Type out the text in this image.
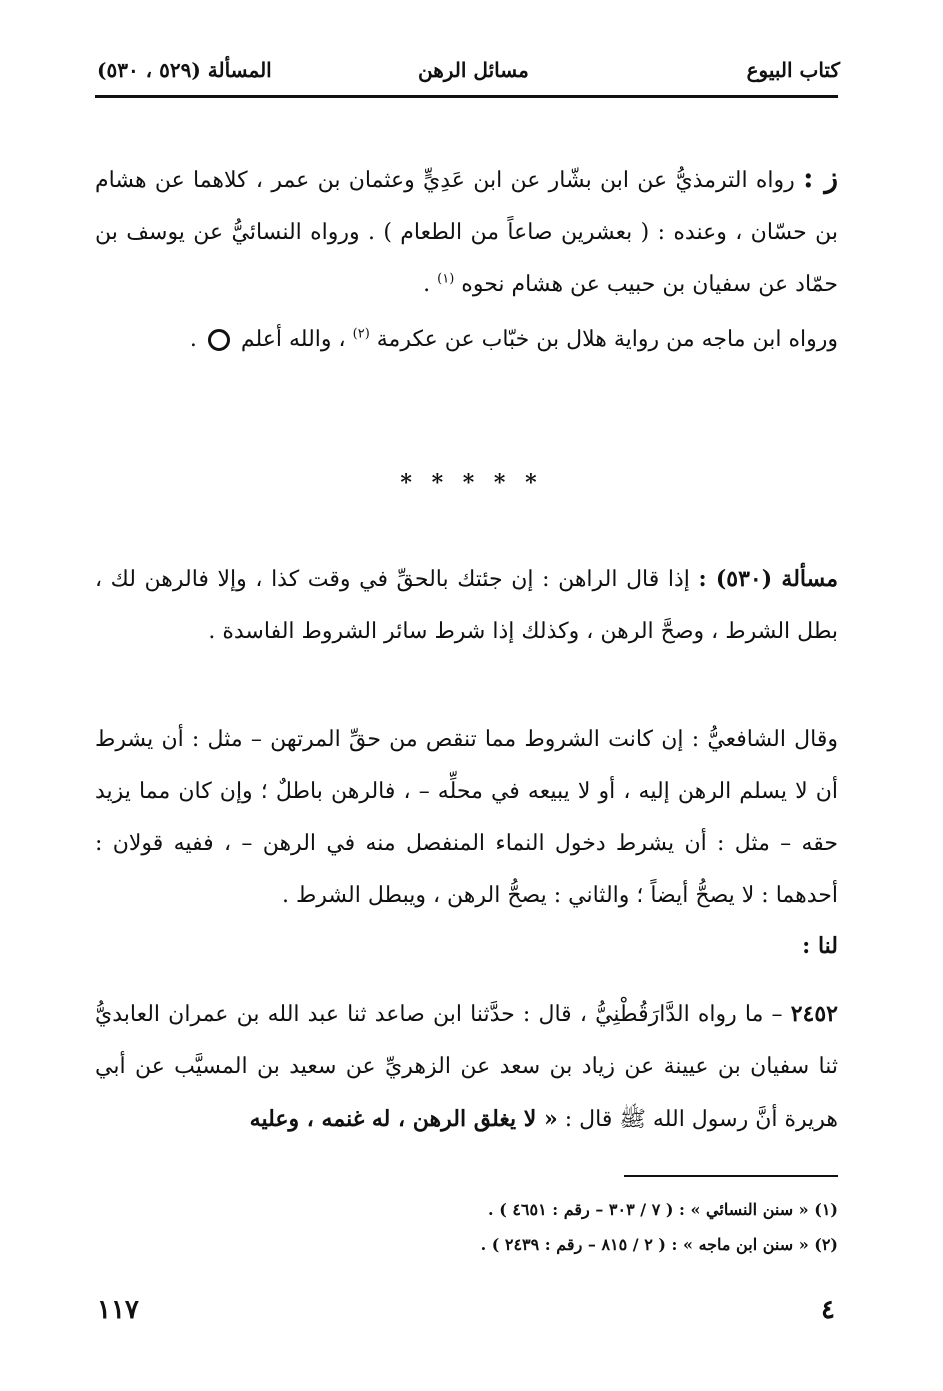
المسألة (٥٢٩ ، ٥٣٠)	مسائل الرهن	كتاب البيوع
ز : رواه الترمذيُّ عن ابن بشّار عن ابن عَدِيٍّ وعثمان بن عمر ، كلاهما عن هشام بن حسّان ، وعنده : ( بعشرين صاعاً من الطعام ) . ورواه النسائيُّ عن يوسف بن حمّاد عن سفيان بن حبيب عن هشام نحوه $^{(١)}$ .
ورواه ابن ماجه من رواية هلال بن خبّاب عن عكرمة $^{(٢)}$ ، والله أعلم  .
* * * * *
مسألة (٥٣٠) : إذا قال الراهن : إن جئتك بالحقِّ في وقت كذا ، وإلا فالرهن لك ، بطل الشرط ، وصحَّ الرهن ، وكذلك إذا شرط سائر الشروط الفاسدة .
وقال الشافعيُّ : إن كانت الشروط مما تنقص من حقِّ المرتهن – مثل : أن يشرط أن لا يسلم الرهن إليه ، أو لا يبيعه في محلِّه – ، فالرهن باطلٌ ؛ وإن كان مما يزيد حقه – مثل : أن يشرط دخول النماء المنفصل منه في الرهن – ، ففيه قولان : أحدهما : لا يصحُّ أيضاً ؛ والثاني : يصحُّ الرهن ، ويبطل الشرط .
لنا :
٢٤٥٢ – ما رواه الدَّارَقُطْنِيُّ ، قال : حدَّثنا ابن صاعد ثنا عبد الله بن عمران العابديُّ ثنا سفيان بن عيينة عن زياد بن سعد عن الزهريِّ عن سعيد بن المسيَّب عن أبي هريرة أنَّ رسول الله ﷺ قال : « لا يغلق الرهن ، له غنمه ، وعليه
(١) « سنن النسائي » : ( ٧ / ٣٠٣ – رقم : ٤٦٥١ ) .
(٢) « سنن ابن ماجه » : ( ٢ / ٨١٥ – رقم : ٢٤٣٩ ) .
١١٧	٤
